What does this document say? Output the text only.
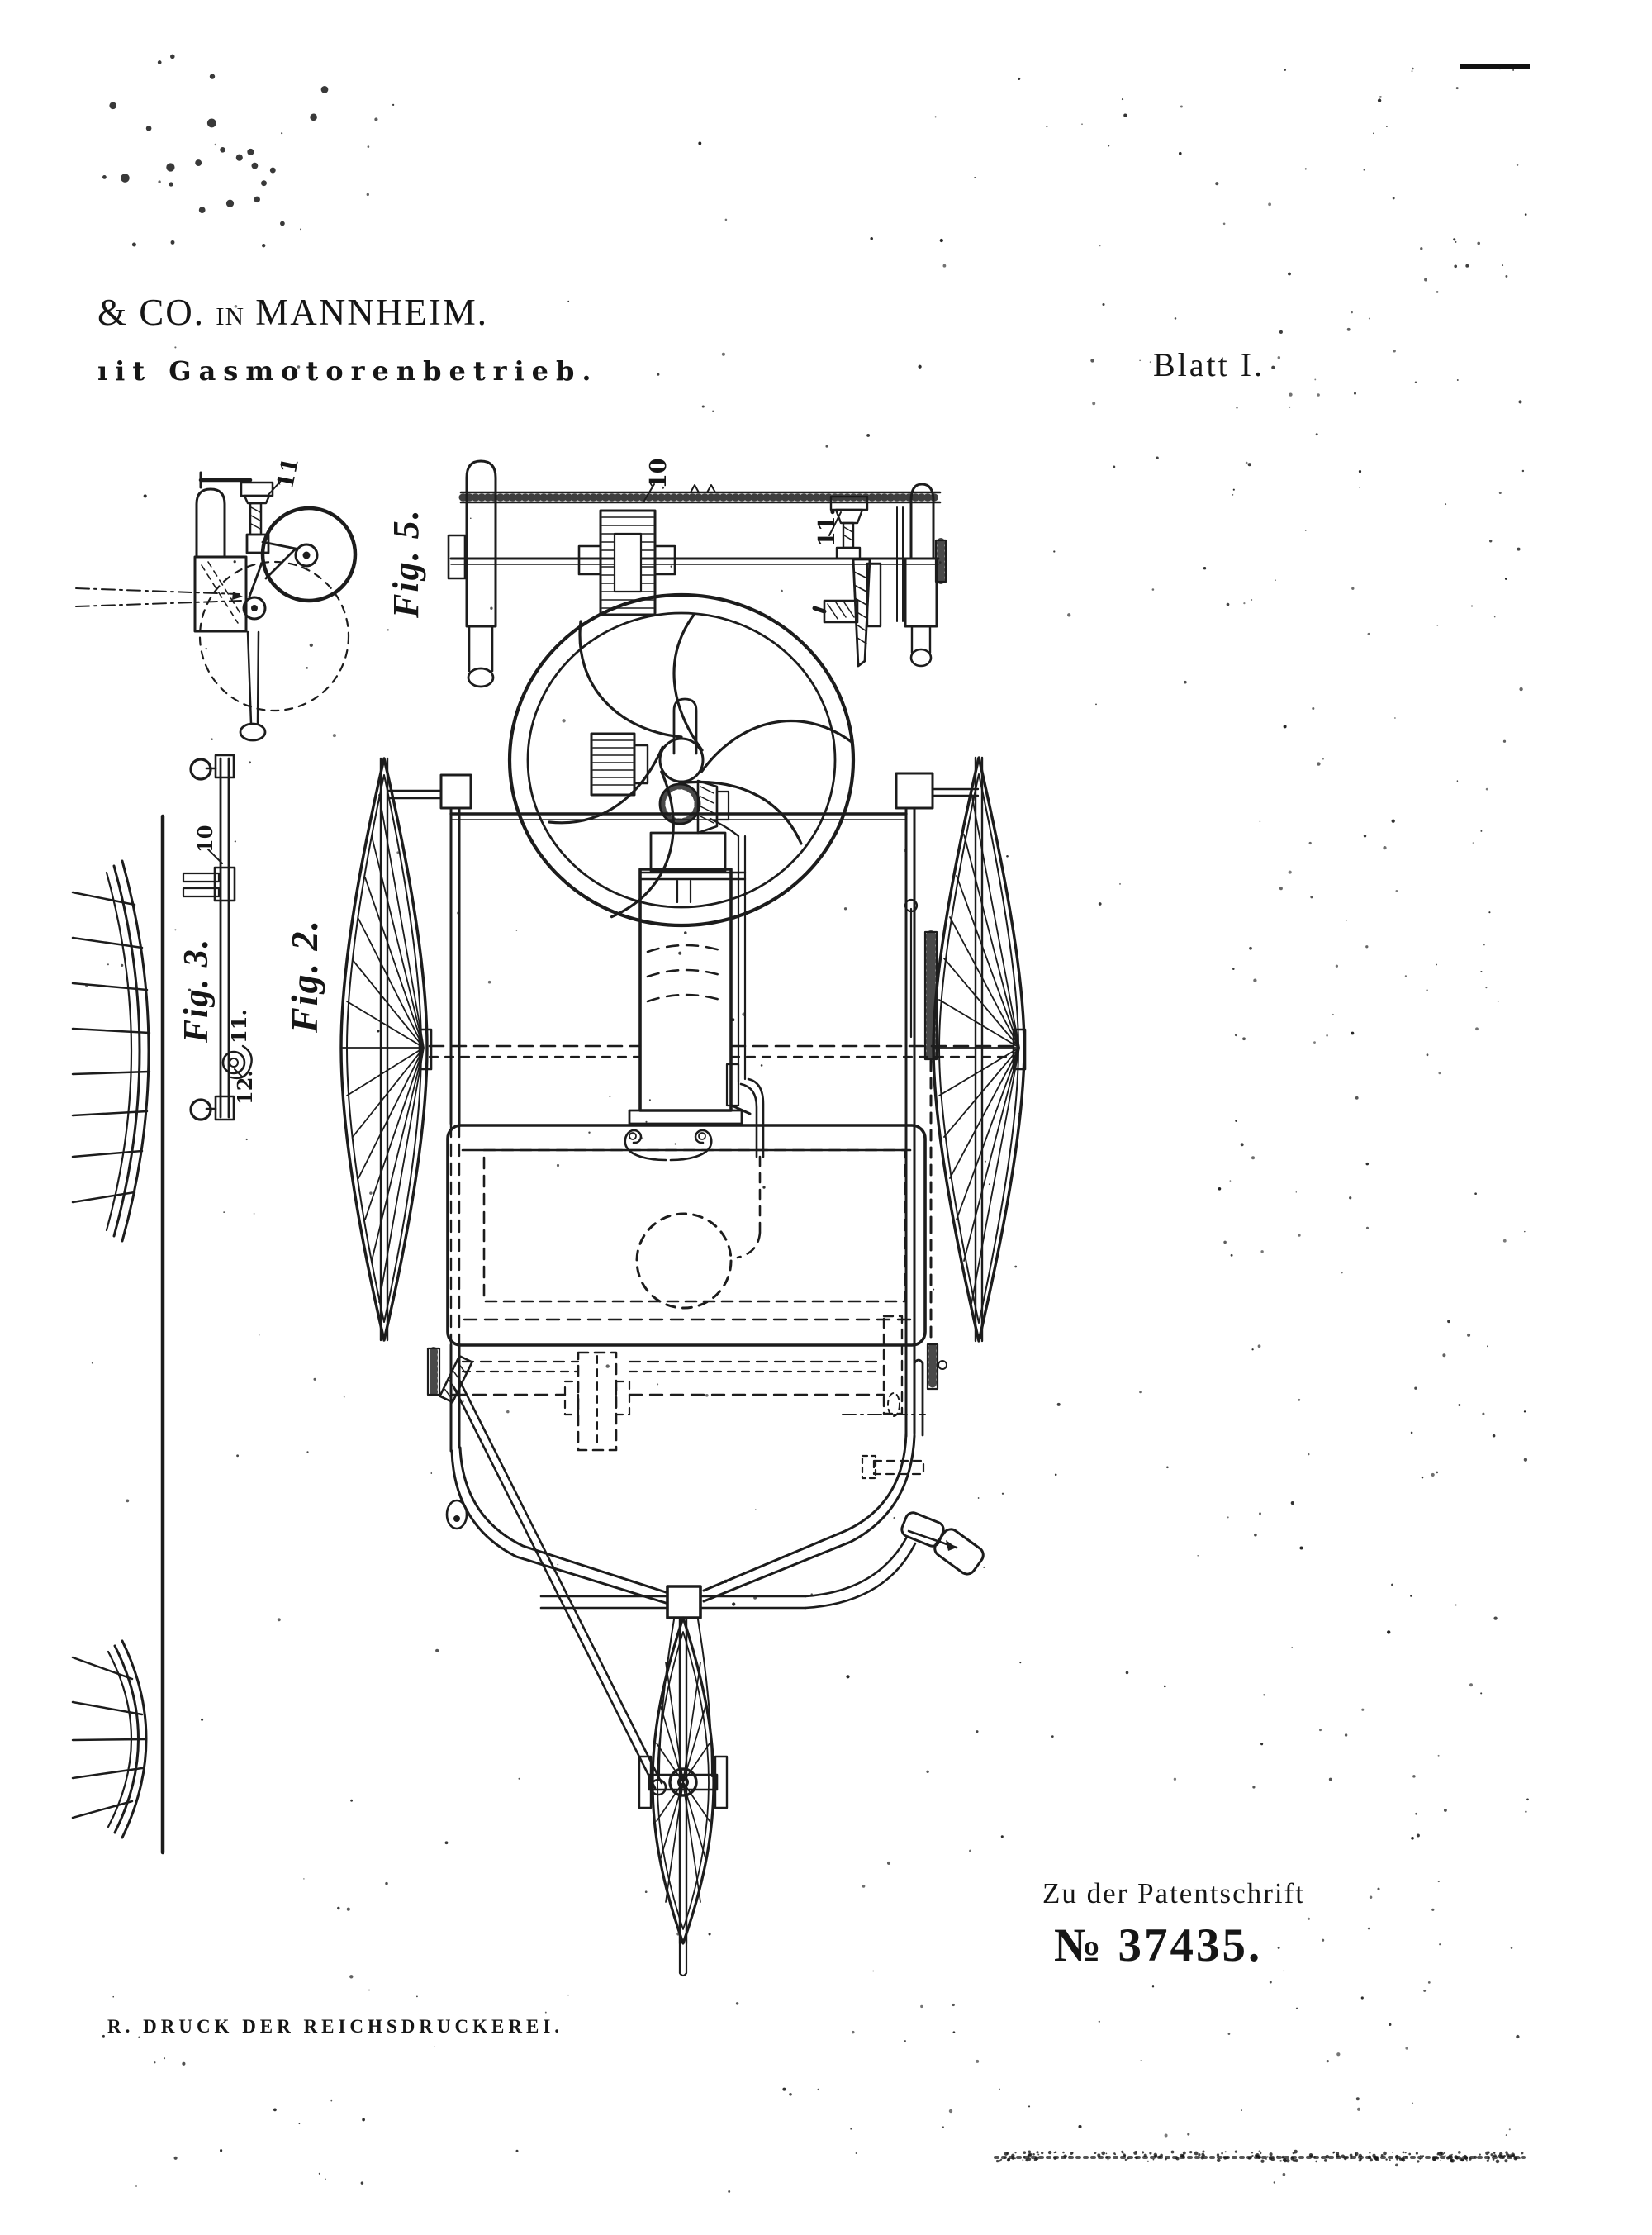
& CO. IN MANNHEIM.
ıit Gasmotorenbetrieb.	Blatt I.
Fig. 5.
Fig. 3. Fig. 2.
11	10
11.
10
11.
12.
Zu der Patentschrift
№ 37435.
R. DRUCK DER REICHSDRUCKEREI.
